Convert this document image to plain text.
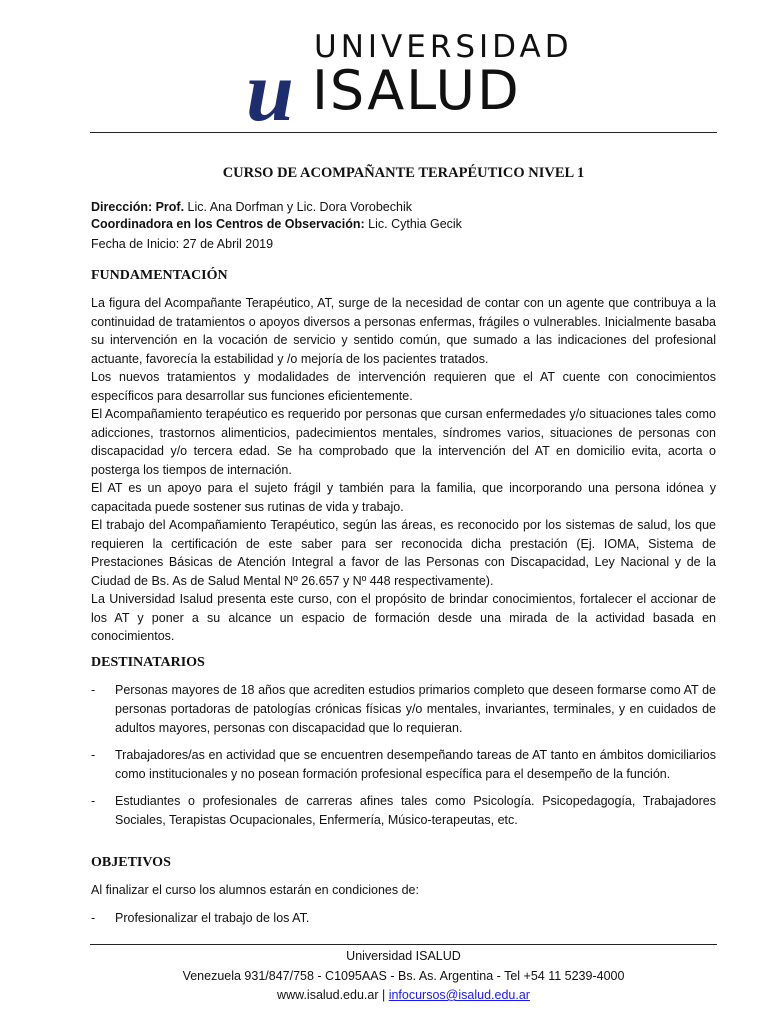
u UNIVERSIDAD
ISALUD
CURSO DE ACOMPAÑANTE TERAPÉUTICO NIVEL 1
Dirección: Prof. Lic. Ana Dorfman y Lic. Dora Vorobechik
Coordinadora en los Centros de Observación: Lic. Cythia Gecik
Fecha de Inicio: 27 de Abril 2019
FUNDAMENTACIÓN

La figura del Acompañante Terapéutico, AT, surge de la necesidad de contar con un agente que contribuya a la continuidad de tratamientos o apoyos diversos a personas enfermas, frágiles o vulnerables. Inicialmente basaba su intervención en la vocación de servicio y sentido común, que sumado a las indicaciones del profesional actuante, favorecía la estabilidad y /o mejoría de los pacientes tratados.

Los nuevos tratamientos y modalidades de intervención requieren que el AT cuente con conocimientos específicos para desarrollar sus funciones eficientemente.

El Acompañamiento terapéutico es requerido por personas que cursan enfermedades y/o situaciones tales como adicciones, trastornos alimenticios, padecimientos mentales, síndromes varios, situaciones de personas con discapacidad y/o tercera edad. Se ha comprobado que la intervención del AT en domicilio evita, acorta o posterga los tiempos de internación.

El AT es un apoyo para el sujeto frágil y también para la familia, que incorporando una persona idónea y capacitada puede sostener sus rutinas de vida y trabajo.

El trabajo del Acompañamiento Terapéutico, según las áreas, es reconocido por los sistemas de salud, los que requieren la certificación de este saber para ser reconocida dicha prestación (Ej. IOMA, Sistema de Prestaciones Básicas de Atención Integral a favor de las Personas con Discapacidad, Ley Nacional y de la Ciudad de Bs. As de Salud Mental Nº 26.657 y Nº 448 respectivamente).

La Universidad Isalud presenta este curso, con el propósito de brindar conocimientos, fortalecer el accionar de los AT y poner a su alcance un espacio de formación desde una mirada de la actividad basada en conocimientos.

DESTINATARIOS
- Personas mayores de 18 años que acrediten estudios primarios completo que deseen formarse como AT de personas portadoras de patologías crónicas físicas y/o mentales, invariantes, terminales, y en cuidados de adultos mayores, personas con discapacidad que lo requieran.
- Trabajadores/as en actividad que se encuentren desempeñando tareas de AT tanto en ámbitos domiciliarios como institucionales y no posean formación profesional específica para el desempeño de la función.
- Estudiantes o profesionales de carreras afines tales como Psicología. Psicopedagogía, Trabajadores Sociales, Terapistas Ocupacionales, Enfermería, Músico-terapeutas, etc.
OBJETIVOS
Al finalizar el curso los alumnos estarán en condiciones de:
- Profesionalizar el trabajo de los AT.
Universidad ISALUD
Venezuela 931/847/758 - C1095AAS - Bs. As. Argentina - Tel +54 11 5239-4000
www.isalud.edu.ar | infocursos@isalud.edu.ar
